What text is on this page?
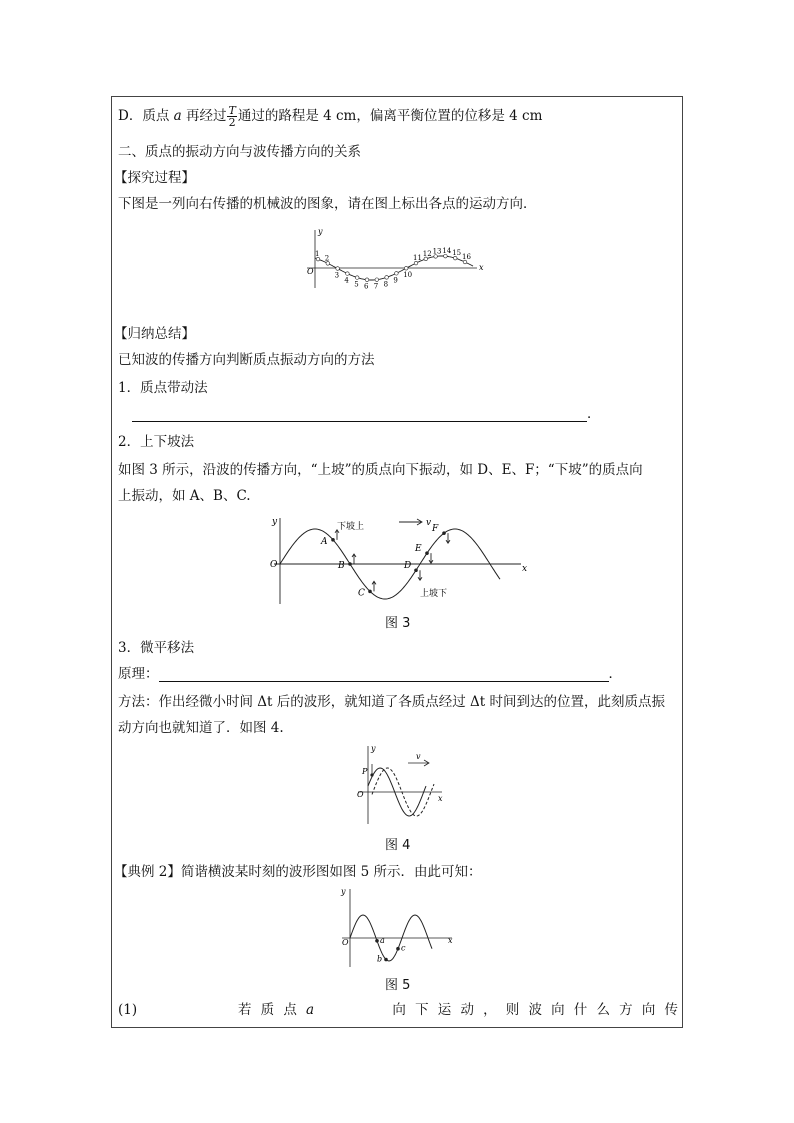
D．质点 a 再经过 $\frac{T}{2}$ 通过的路程是 4 cm，偏离平衡位置的位移是 4 cm
二、质点的振动方向与波传播方向的关系
【探究过程】
下图是一列向右传播的机械波的图象，请在图上标出各点的运动方向．
y
x
O
1
2
3
4 5 6 7 8
9
10
11
12 13 14 15 16
【归纳总结】
已知波的传播方向判断质点振动方向的方法
1．质点带动法
．
2．上下坡法
如图 3 所示，沿波的传播方向，“上坡”的质点向下振动，如 D、E、F；“下坡”的质点向
上振动，如 A、B、C.
y
x
O
v
下坡上
上坡下
A
B
C
D
E
F
图 3
3．微平移法
原理：	．
方法：作出经微小时间 Δt 后的波形，就知道了各质点经过 Δt 时间到达的位置，此刻质点振
动方向也就知道了．如图 4.
y
x
O
v
P
图 4
【典例 2】简谐横波某时刻的波形图如图 5 所示．由此可知：
y
x
O	a
b
c
图 5
(1)	若 质 点 a	向 下 运 动 ， 则 波 向 什 么 方 向 传
